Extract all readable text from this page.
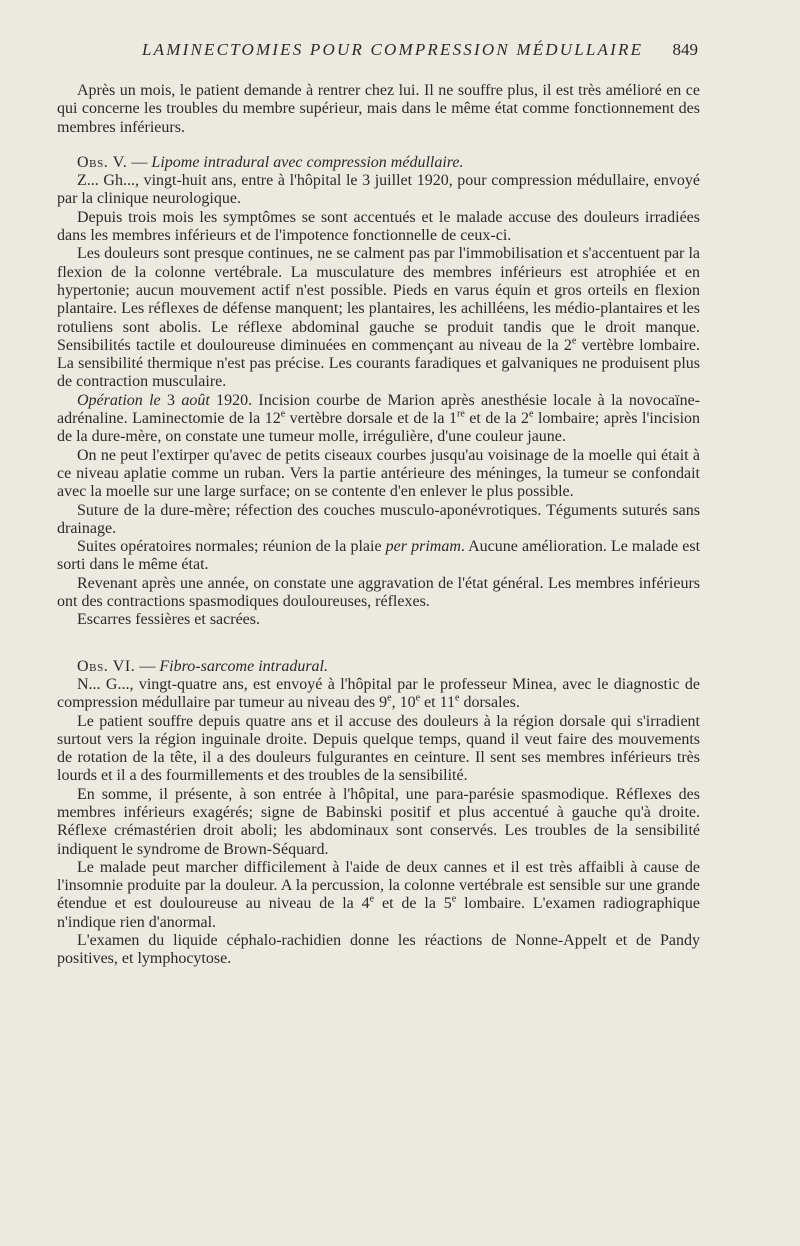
LAMINECTOMIES POUR COMPRESSION MÉDULLAIRE 849

Après un mois, le patient demande à rentrer chez lui. Il ne souffre plus, il est très amélioré en ce qui concerne les troubles du membre supérieur, mais dans le même état comme fonctionnement des membres inférieurs.

Obs. V. — Lipome intradural avec compression médullaire.

Z... Gh..., vingt-huit ans, entre à l'hôpital le 3 juillet 1920, pour compression médullaire, envoyé par la clinique neurologique.

Depuis trois mois les symptômes se sont accentués et le malade accuse des douleurs irradiées dans les membres inférieurs et de l'impotence fonctionnelle de ceux-ci.

Les douleurs sont presque continues, ne se calment pas par l'immobilisation et s'accentuent par la flexion de la colonne vertébrale. La musculature des membres inférieurs est atrophiée et en hypertonie; aucun mouvement actif n'est possible. Pieds en varus équin et gros orteils en flexion plantaire. Les réflexes de défense manquent; les plantaires, les achilléens, les médio-plantaires et les rotuliens sont abolis. Le réflexe abdominal gauche se produit tandis que le droit manque. Sensibilités tactile et douloureuse diminuées en commençant au niveau de la 2e vertèbre lombaire. La sensibilité thermique n'est pas précise. Les courants faradiques et galvaniques ne produisent plus de contraction musculaire.

Opération le 3 août 1920. Incision courbe de Marion après anesthésie locale à la novocaïne-adrénaline. Laminectomie de la 12e vertèbre dorsale et de la 1re et de la 2e lombaire; après l'incision de la dure-mère, on constate une tumeur molle, irrégulière, d'une couleur jaune.

On ne peut l'extirper qu'avec de petits ciseaux courbes jusqu'au voisinage de la moelle qui était à ce niveau aplatie comme un ruban. Vers la partie antérieure des méninges, la tumeur se confondait avec la moelle sur une large surface; on se contente d'en enlever le plus possible.

Suture de la dure-mère; réfection des couches musculo-aponévrotiques. Téguments suturés sans drainage.

Suites opératoires normales; réunion de la plaie per primam. Aucune amélioration. Le malade est sorti dans le même état.

Revenant après une année, on constate une aggravation de l'état général. Les membres inférieurs ont des contractions spasmodiques douloureuses, réflexes.

Escarres fessières et sacrées.

Obs. VI. — Fibro-sarcome intradural.

N... G..., vingt-quatre ans, est envoyé à l'hôpital par le professeur Minea, avec le diagnostic de compression médullaire par tumeur au niveau des 9e, 10e et 11e dorsales.

Le patient souffre depuis quatre ans et il accuse des douleurs à la région dorsale qui s'irradient surtout vers la région inguinale droite. Depuis quelque temps, quand il veut faire des mouvements de rotation de la tête, il a des douleurs fulgurantes en ceinture. Il sent ses membres inférieurs très lourds et il a des fourmillements et des troubles de la sensibilité.

En somme, il présente, à son entrée à l'hôpital, une para-parésie spasmodique. Réflexes des membres inférieurs exagérés; signe de Babinski positif et plus accentué à gauche qu'à droite. Réflexe crémastérien droit aboli; les abdominaux sont conservés. Les troubles de la sensibilité indiquent le syndrome de Brown-Séquard.

Le malade peut marcher difficilement à l'aide de deux cannes et il est très affaibli à cause de l'insomnie produite par la douleur. A la percussion, la colonne vertébrale est sensible sur une grande étendue et est douloureuse au niveau de la 4e et de la 5e lombaire. L'examen radiographique n'indique rien d'anormal.

L'examen du liquide céphalo-rachidien donne les réactions de Nonne-Appelt et de Pandy positives, et lymphocytose.
